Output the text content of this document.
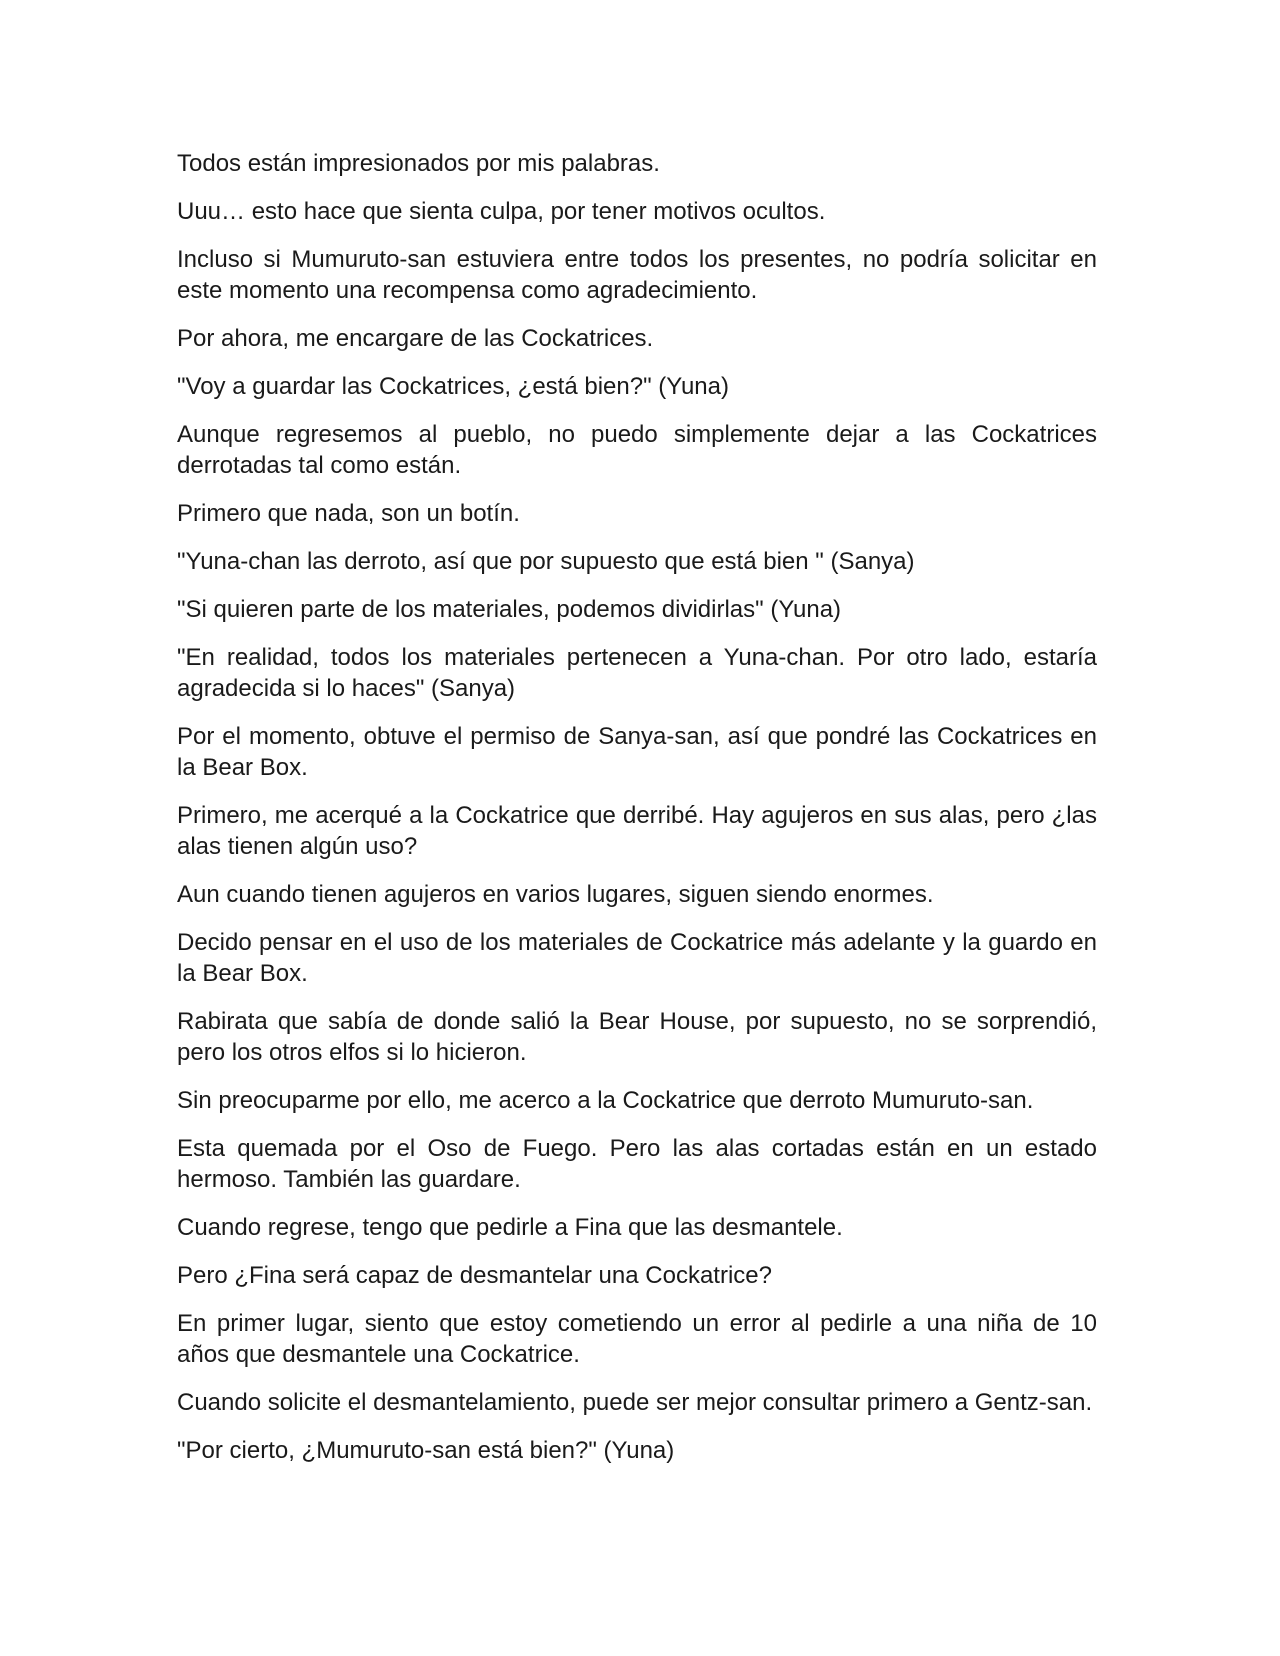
Todos están impresionados por mis palabras.

Uuu… esto hace que sienta culpa, por tener motivos ocultos.

Incluso si Mumuruto-san estuviera entre todos los presentes, no podría solicitar en este momento una recompensa como agradecimiento.

Por ahora, me encargare de las Cockatrices.

"Voy a guardar las Cockatrices, ¿está bien?" (Yuna)

Aunque regresemos al pueblo, no puedo simplemente dejar a las Cockatrices derrotadas tal como están.

Primero que nada, son un botín.

"Yuna-chan las derroto, así que por supuesto que está bien " (Sanya)

"Si quieren parte de los materiales, podemos dividirlas" (Yuna)

"En realidad, todos los materiales pertenecen a Yuna-chan. Por otro lado, estaría agradecida si lo haces" (Sanya)

Por el momento, obtuve el permiso de Sanya-san, así que pondré las Cockatrices en la Bear Box.

Primero, me acerqué a la Cockatrice que derribé. Hay agujeros en sus alas, pero ¿las alas tienen algún uso?

Aun cuando tienen agujeros en varios lugares, siguen siendo enormes.

Decido pensar en el uso de los materiales de Cockatrice más adelante y la guardo en la Bear Box.

Rabirata que sabía de donde salió la Bear House, por supuesto, no se sorprendió, pero los otros elfos si lo hicieron.

Sin preocuparme por ello, me acerco a la Cockatrice que derroto Mumuruto-san.

Esta quemada por el Oso de Fuego. Pero las alas cortadas están en un estado hermoso. También las guardare.

Cuando regrese, tengo que pedirle a Fina que las desmantele.

Pero ¿Fina será capaz de desmantelar una Cockatrice?

En primer lugar, siento que estoy cometiendo un error al pedirle a una niña de 10 años que desmantele una Cockatrice.

Cuando solicite el desmantelamiento, puede ser mejor consultar primero a Gentz-san.

"Por cierto, ¿Mumuruto-san está bien?" (Yuna)
